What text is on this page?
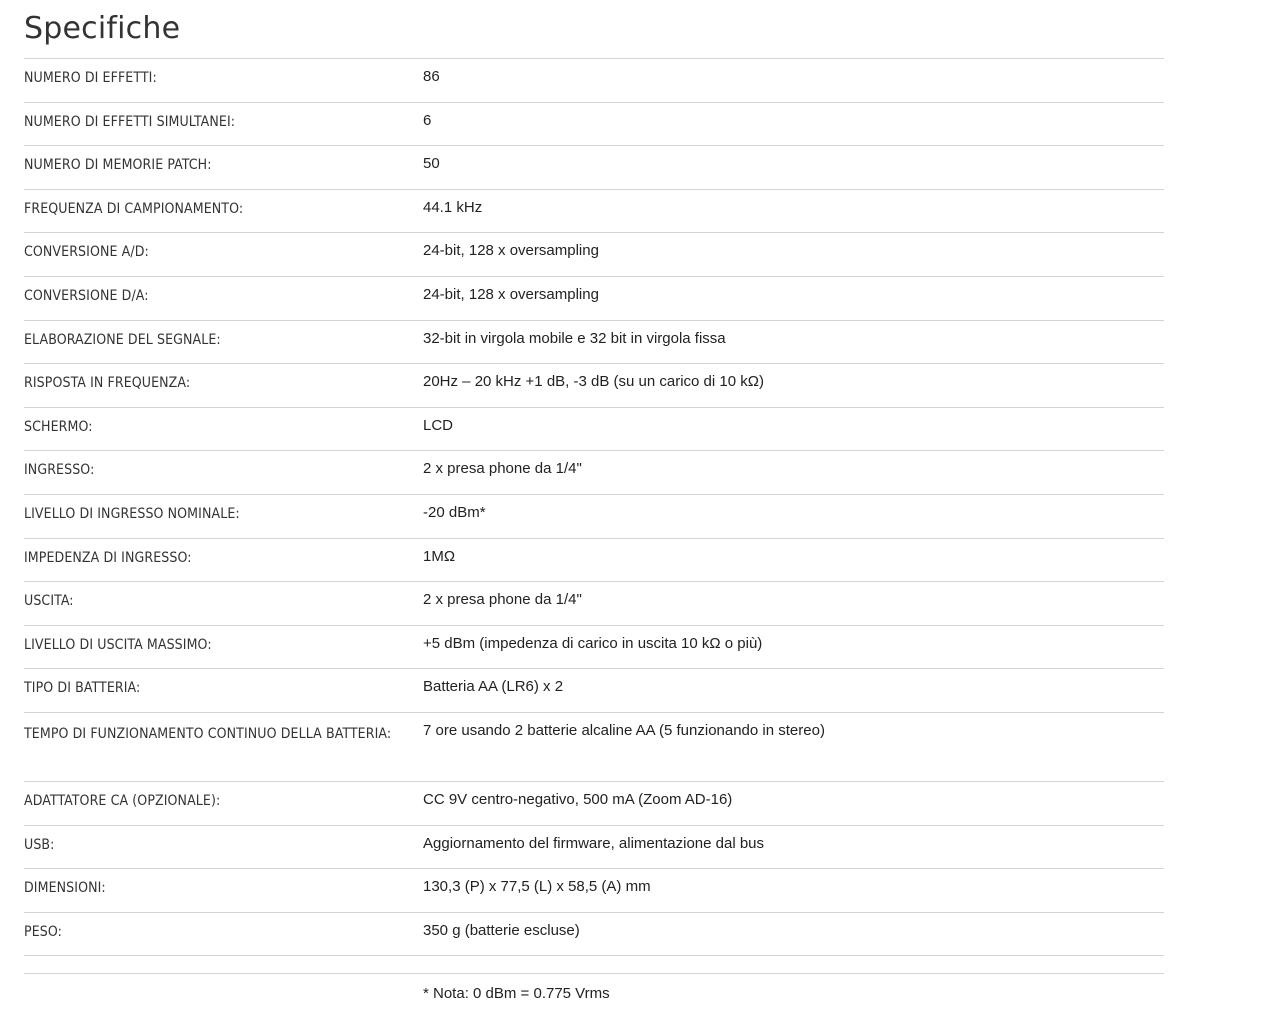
Specifiche
NUMERO DI EFFETTI:	86
NUMERO DI EFFETTI SIMULTANEI:	6
NUMERO DI MEMORIE PATCH:	50
FREQUENZA DI CAMPIONAMENTO:	44.1 kHz
CONVERSIONE A/D:	24-bit, 128 x oversampling
CONVERSIONE D/A:	24-bit, 128 x oversampling
ELABORAZIONE DEL SEGNALE:	32-bit in virgola mobile e 32 bit in virgola fissa
RISPOSTA IN FREQUENZA:	20Hz – 20 kHz +1 dB, -3 dB (su un carico di 10 kΩ)
SCHERMO:	LCD
INGRESSO:	2 x presa phone da 1/4"
LIVELLO DI INGRESSO NOMINALE:	-20 dBm*
IMPEDENZA DI INGRESSO:	1MΩ
USCITA:	2 x presa phone da 1/4"
LIVELLO DI USCITA MASSIMO:	+5 dBm (impedenza di carico in uscita 10 kΩ o più)
TIPO DI BATTERIA:	Batteria AA (LR6) x 2
TEMPO DI FUNZIONAMENTO CONTINUO DELLA BATTERIA:	7 ore usando 2 batterie alcaline AA (5 funzionando in stereo)
ADATTATORE CA (OPZIONALE):	CC 9V centro-negativo, 500 mA (Zoom AD-16)
USB:	Aggiornamento del firmware, alimentazione dal bus
DIMENSIONI:	130,3 (P) x 77,5 (L) x 58,5 (A) mm
PESO:	350 g (batterie escluse)
* Nota: 0 dBm = 0.775 Vrms
